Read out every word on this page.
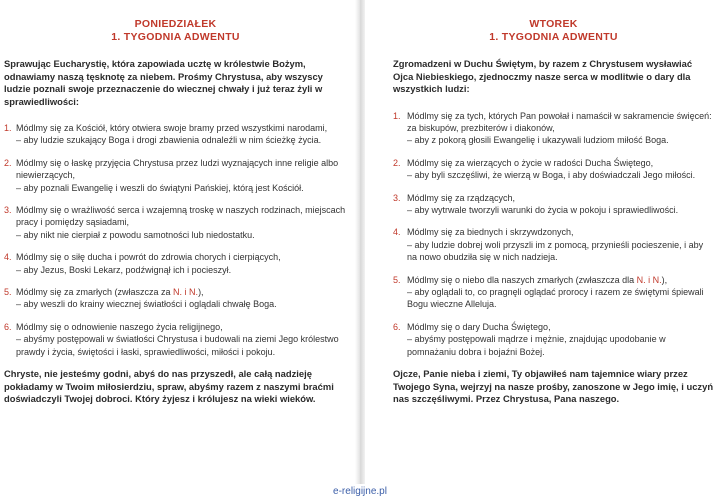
PONIEDZIAŁEK
1. TYGODNIA ADWENTU

Sprawując Eucharystię, która zapowiada ucztę w królestwie Bożym, odnawiamy naszą tęsknotę za niebem. Prośmy Chrystusa, aby wszyscy ludzie poznali swoje przeznaczenie do wiecznej chwały i już teraz żyli w sprawiedliwości:

1. Módlmy się za Kościół, który otwiera swoje bramy przed wszystkimi narodami,
– aby ludzie szukający Boga i drogi zbawienia odnaleźli w nim ścieżkę życia.
2. Módlmy się o łaskę przyjęcia Chrystusa przez ludzi wyznających inne religie albo niewierzących,
– aby poznali Ewangelię i weszli do świątyni Pańskiej, którą jest Kościół.
3. Módlmy się o wrażliwość serca i wzajemną troskę w naszych rodzinach, miejscach pracy i pomiędzy sąsiadami,
– aby nikt nie cierpiał z powodu samotności lub niedostatku.
4. Módlmy się o siłę ducha i powrót do zdrowia chorych i cierpiących,
– aby Jezus, Boski Lekarz, podźwignął ich i pocieszył.
5. Módlmy się za zmarłych (zwłaszcza za N. i N.),
– aby weszli do krainy wiecznej światłości i oglądali chwałę Boga.
6. Módlmy się o odnowienie naszego życia religijnego,
– abyśmy postępowali w światłości Chrystusa i budowali na ziemi Jego królestwo prawdy i życia, świętości i łaski, sprawiedliwości, miłości i pokoju.

Chryste, nie jesteśmy godni, abyś do nas przyszedł, ale całą nadzieję pokładamy w Twoim miłosierdziu, spraw, abyśmy razem z naszymi braćmi doświadczyli Twojej dobroci. Który żyjesz i królujesz na wieki wieków.

WTOREK
1. TYGODNIA ADWENTU

Zgromadzeni w Duchu Świętym, by razem z Chrystusem wysławiać Ojca Niebieskiego, zjednoczmy nasze serca w modlitwie o dary dla wszystkich ludzi:

1. Módlmy się za tych, których Pan powołał i namaścił w sakramencie święceń: za biskupów, prezbiterów i diakonów,
– aby z pokorą głosili Ewangelię i ukazywali ludziom miłość Boga.
2. Módlmy się za wierzących o życie w radości Ducha Świętego,
– aby byli szczęśliwi, że wierzą w Boga, i aby doświadczali Jego miłości.
3. Módlmy się za rządzących,
– aby wytrwale tworzyli warunki do życia w pokoju i sprawiedliwości.
4. Módlmy się za biednych i skrzywdzonych,
– aby ludzie dobrej woli przyszli im z pomocą, przynieśli pocieszenie, i aby na nowo obudziła się w nich nadzieja.
5. Módlmy się o niebo dla naszych zmarłych (zwłaszcza dla N. i N.),
– aby oglądali to, co pragnęli oglądać prorocy i razem ze świętymi śpiewali Bogu wieczne Alleluja.
6. Módlmy się o dary Ducha Świętego,
– abyśmy postępowali mądrze i mężnie, znajdując upodobanie w pomnażaniu dobra i bojaźni Bożej.

Ojcze, Panie nieba i ziemi, Ty objawiłeś nam tajemnice wiary przez Twojego Syna, wejrzyj na nasze prośby, zanoszone w Jego imię, i uczyń nas szczęśliwymi. Przez Chrystusa, Pana naszego.

e-religijne.pl
